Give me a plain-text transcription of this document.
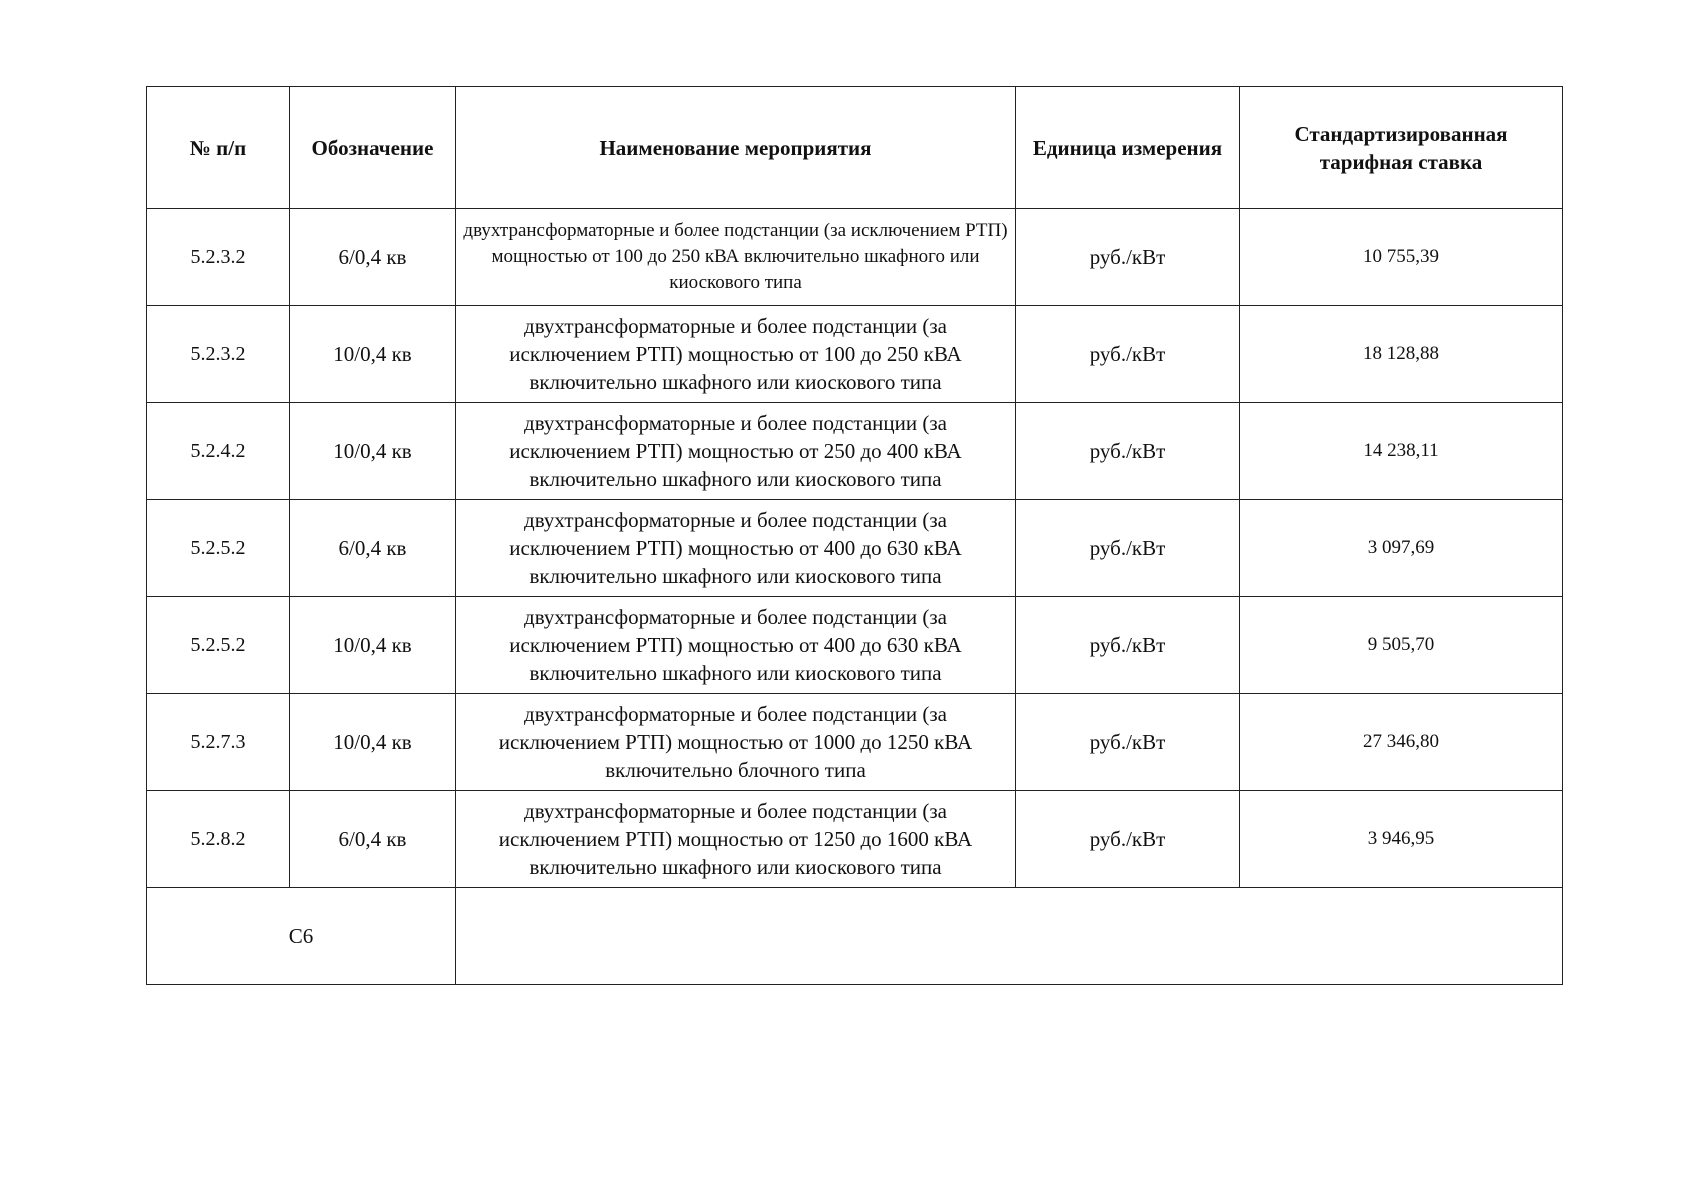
№ п/п	Обозначение	Наименование мероприятия	Единица измерения	Стандартизированная тарифная ставка
5.2.3.2	6/0,4 кв	двухтрансформаторные и более подстанции (за исключением РТП) мощностью от 100 до 250 кВА включительно шкафного или киоскового типа	руб./кВт	10 755,39
5.2.3.2	10/0,4 кв	двухтрансформаторные и более подстанции (за исключением РТП) мощностью от 100 до 250 кВА включительно шкафного или киоскового типа	руб./кВт	18 128,88
5.2.4.2	10/0,4 кв	двухтрансформаторные и более подстанции (за исключением РТП) мощностью от 250 до 400 кВА включительно шкафного или киоскового типа	руб./кВт	14 238,11
5.2.5.2	6/0,4 кв	двухтрансформаторные и более подстанции (за исключением РТП) мощностью от 400 до 630 кВА включительно шкафного или киоскового типа	руб./кВт	3 097,69
5.2.5.2	10/0,4 кв	двухтрансформаторные и более подстанции (за исключением РТП) мощностью от 400 до 630 кВА включительно шкафного или киоскового типа	руб./кВт	9 505,70
5.2.7.3	10/0,4 кв	двухтрансформаторные и более подстанции (за исключением РТП) мощностью от 1000 до 1250 кВА включительно блочного типа	руб./кВт	27 346,80
5.2.8.2	6/0,4 кв	двухтрансформаторные и более подстанции (за исключением РТП) мощностью от 1250 до 1600 кВА включительно шкафного или киоскового типа	руб./кВт	3 946,95
С6				
